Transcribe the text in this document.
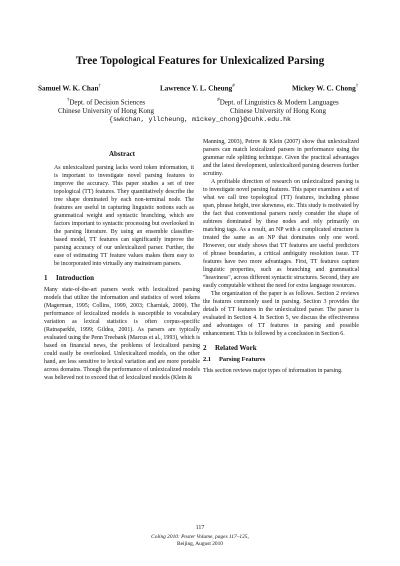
Tree Topological Features for Unlexicalized Parsing
Samuel W. K. Chan†	Lawrence Y. L. Cheung#	Mickey W. C. Chong†
†Dept. of Decision Sciences
Chinese University of Hong Kong
#Dept. of Linguistics & Modern Languages
Chinese University of Hong Kong
{swkchan, yllcheung, mickey_chong}@cuhk.edu.hk
Abstract

As unlexicalized parsing lacks word token information, it is important to investigate novel parsing features to improve the accuracy. This paper studies a set of tree topological (TT) features. They quantitatively describe the tree shape dominated by each non-terminal node. The features are useful in capturing linguistic notions such as grammatical weight and syntactic branching, which are factors important to syntactic processing but overlooked in the parsing literature. By using an ensemble classifier-based model, TT features can significantly improve the parsing accuracy of our unlexicalized parser. Further, the ease of estimating TT feature values makes them easy to be incorporated into virtually any mainstream parsers.

1 Introduction

Many state-of-the-art parsers work with lexicalized parsing models that utilize the information and statistics of word tokens (Magerman, 1995; Collins, 1999, 2003; Charniak, 2000). The performance of lexicalized models is susceptible to vocabulary variation as lexical statistics is often corpus-specific (Ratnaparkhi, 1999; Gildea, 2001). As parsers are typically evaluated using the Penn Treebank (Marcus et al., 1993), which is based on financial news, the problems of lexicalized parsing could easily be overlooked. Unlexicalized models, on the other hand, are less sensitive to lexical variation and are more portable across domains. Though the performance of unlexicalized models was believed not to exceed that of lexicalized models (Klein &

Manning, 2003), Petrov & Klein (2007) show that unlexicalized parsers can match lexicalized parsers in performance using the grammar rule splitting technique. Given the practical advantages and the latest development, unlexicalized parsing deserves further scrutiny.

A profitable direction of research on unlexicalized parsing is to investigate novel parsing features. This paper examines a set of what we call tree topological (TT) features, including phrase span, phrase height, tree skewness, etc. This study is motivated by the fact that conventional parsers rarely consider the shape of subtrees dominated by these nodes and rely primarily on matching tags. As a result, an NP with a complicated structure is treated the same as an NP that dominates only one word. However, our study shows that TT features are useful predictors of phrase boundaries, a critical ambiguity resolution issue. TT features have two more advantages. First, TT features capture linguistic properties, such as branching and grammatical "heaviness", across different syntactic structures. Second, they are easily computable without the need for extra language resources.

The organization of the paper is as follows. Section 2 reviews the features commonly used in parsing. Section 3 provides the details of TT features in the unlexicalized parser. The parser is evaluated in Section 4. In Section 5, we discuss the effectiveness and advantages of TT features in parsing and possible enhancement. This is followed by a conclusion in Section 6.

2 Related Work
2.1 Parsing Features

This section reviews major types of information in parsing.

117
Coling 2010: Poster Volume, pages 117–125,
Beijing, August 2010
